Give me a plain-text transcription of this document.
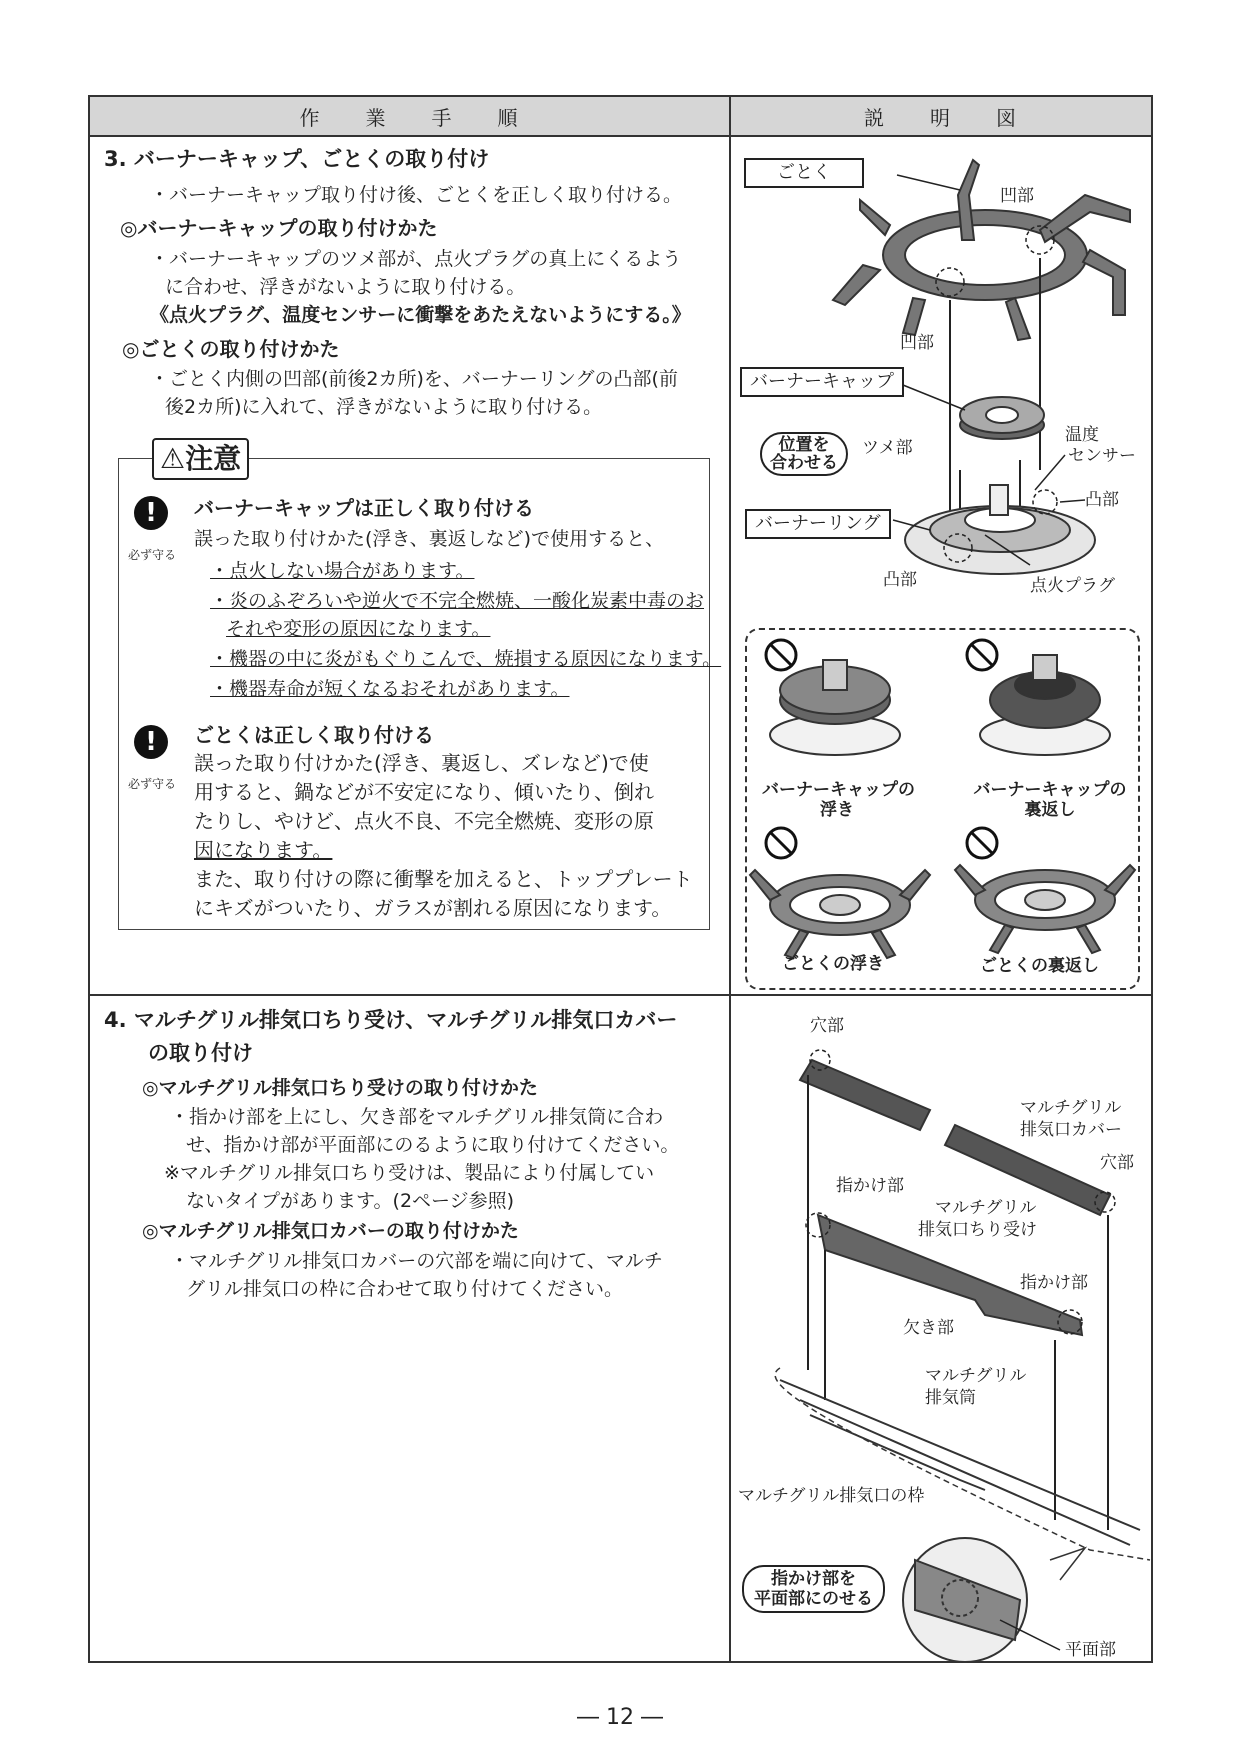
作　　業　　手　　順	説　　明　　図
3. バーナーキャップ、ごとくの取り付け
・バーナーキャップ取り付け後、ごとくを正しく取り付ける。
◎バーナーキャップの取り付けかた
・バーナーキャップのツメ部が、点火プラグの真上にくるよう
に合わせ、浮きがないように取り付ける。
《点火プラグ、温度センサーに衝撃をあたえないようにする。》
◎ごとくの取り付けかた
・ごとく内側の凹部(前後2カ所)を、バーナーリングの凸部(前
後2カ所)に入れて、浮きがないように取り付ける。
⚠注意
!
必ず守る
バーナーキャップは正しく取り付ける
誤った取り付けかた(浮き、裏返しなど)で使用すると、
・点火しない場合があります。
・炎のふぞろいや逆火で不完全燃焼、一酸化炭素中毒のお
それや変形の原因になります。
・機器の中に炎がもぐりこんで、焼損する原因になります。
・機器寿命が短くなるおそれがあります。
!
必ず守る
ごとくは正しく取り付ける
誤った取り付けかた(浮き、裏返し、ズレなど)で使
用すると、鍋などが不安定になり、傾いたり、倒れ
たりし、やけど、点火不良、不完全燃焼、変形の原
因になります。
また、取り付けの際に衝撃を加えると、トッププレート
にキズがついたり、ガラスが割れる原因になります。
4. マルチグリル排気口ちり受け、マルチグリル排気口カバー
の取り付け
◎マルチグリル排気口ちり受けの取り付けかた
・指かけ部を上にし、欠き部をマルチグリル排気筒に合わ
せ、指かけ部が平面部にのるように取り付けてください。
※マルチグリル排気口ちり受けは、製品により付属してい
ないタイプがあります。(2ページ参照)
◎マルチグリル排気口カバーの取り付けかた
・マルチグリル排気口カバーの穴部を端に向けて、マルチ
グリル排気口の枠に合わせて取り付けてください。
ごとく
凹部
凹部
バーナーキャップ
位置を
合わせる
ツメ部
温度
センサー
凸部
バーナーリング
凸部	点火プラグ
バーナーキャップの
浮き
バーナーキャップの
裏返し
ごとくの浮き	ごとくの裏返し
穴部
マルチグリル
排気口カバー
穴部
指かけ部
マルチグリル
排気口ちり受け
指かけ部
欠き部
マルチグリル
排気筒
マルチグリル排気口の枠
指かけ部を
平面部にのせる
平面部
― 12 ―
